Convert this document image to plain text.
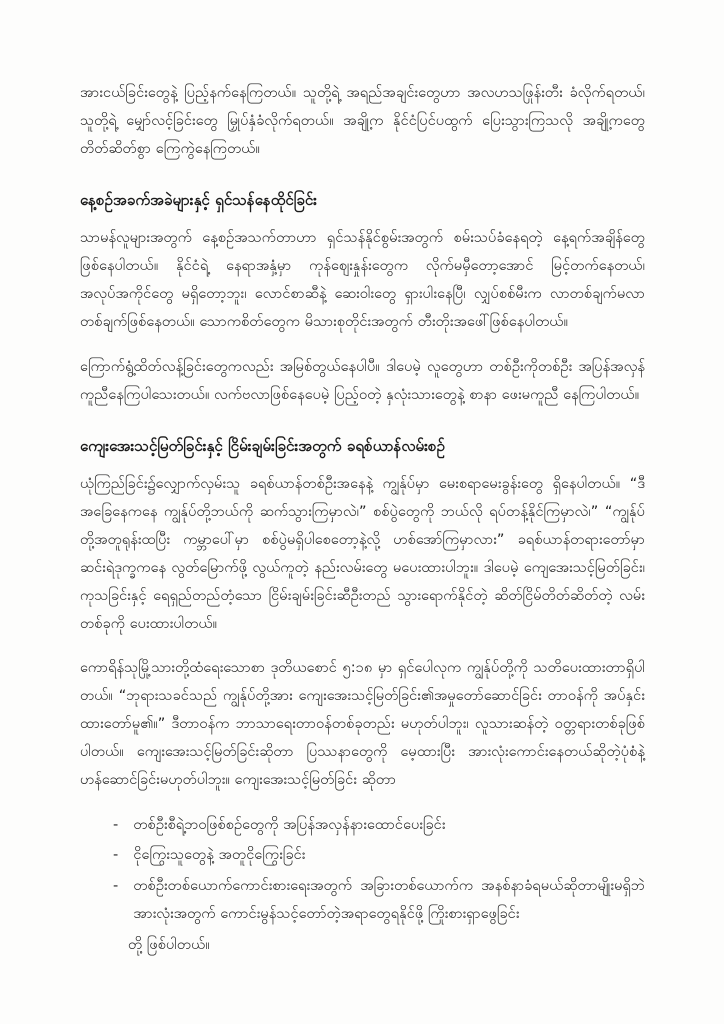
အားငယ်ခြင်းတွေနဲ့ ပြည့်နက်နေကြတယ်။ သူတို့ရဲ့ အရည်အချင်းတွေဟာ အလဟသဖြုန်းတီး ခံလိုက်ရတယ်၊ သူတို့ရဲ့ မျှော်လင့်ခြင်းတွေ မြှုပ်နှံခံလိုက်ရတယ်။ အချို့က နိုင်ငံပြင်ပထွက် ပြေးသွားကြသလို အချို့ကတွေ တိတ်ဆိတ်စွာ ကြေကွဲနေကြတယ်။

နေ့စဉ်အခက်အခဲများနှင့် ရှင်သန်နေထိုင်ခြင်း

သာမန်လူများအတွက် နေ့စဉ်အသက်တာဟာ ရှင်သန်နိုင်စွမ်းအတွက် စမ်းသပ်ခံနေရတဲ့ နေ့ရက်အချိန်တွေ ဖြစ်နေပါတယ်။ နိုင်ငံရဲ့ နေရာအနှံ့မှာ ကုန်ဈေးနှုန်းတွေက လိုက်မမှီတော့အောင် မြင့်တက်နေတယ်၊ အလုပ်အကိုင်တွေ မရှိတော့ဘူး၊ လောင်စာဆီနဲ့ ဆေးဝါးတွေ ရှားပါးနေပြီ၊ လျှပ်စစ်မီးက လာတစ်ချက်မလာတစ်ချက်ဖြစ်နေတယ်။ သောကစိတ်တွေက မိသားစုတိုင်းအတွက် တီးတိုးအဖေါ်ဖြစ်နေပါတယ်။

ကြောက်ရွံ့ထိတ်လန့်ခြင်းတွေကလည်း အမြစ်တွယ်နေပါပီ။ ဒါပေမဲ့ လူတွေဟာ တစ်ဦးကိုတစ်ဦး အပြန်အလှန် ကူညီနေကြပါသေးတယ်။ လက်ဗလာဖြစ်နေပေမဲ့ ပြည့်ဝတဲ့ နှလုံးသားတွေနဲ့ စာနာ ဖေးမကူညီ နေကြပါတယ်။

ကျေးအေးသင့်မြတ်ခြင်းနှင့် ငြိမ်းချမ်းခြင်းအတွက် ခရစ်ယာန်လမ်းစဉ်

ယုံကြည်ခြင်း၌လျှောက်လှမ်းသူ ခရစ်ယာန်တစ်ဦးအနေနဲ့ ကျွန်ုပ်မှာ မေးစရာမေးခွန်းတွေ ရှိနေပါတယ်။ “ဒီအခြေနေကနေ ကျွန်ုပ်တို့ဘယ်ကို ဆက်သွားကြမှာလဲ၊” စစ်ပွဲတွေကို ဘယ်လို ရပ်တန့်နိုင်ကြမှာလဲ၊” “ကျွန်ုပ်တို့အတူရုန်းထပြီး ကမ္ဘာပေါ်မှာ စစ်ပွဲမရှိပါစေတော့နဲ့လို့ ဟစ်အော်ကြမှာလား” ခရစ်ယာန်တရားတော်မှာ ဆင်းရဲဒုက္ခကနေ လွတ်မြောက်ဖို့ လွယ်ကူတဲ့ နည်းလမ်းတွေ မပေးထားပါဘူး။ ဒါပေမဲ့ ကျေအေးသင့်မြတ်ခြင်း၊ ကုသခြင်းနှင့် ရေရှည်တည်တံ့သော ငြိမ်းချမ်းခြင်းဆီဦးတည် သွားရောက်နိုင်တဲ့ ဆိတ်ငြိမ်တိတ်ဆိတ်တဲ့ လမ်းတစ်ခုကို ပေးထားပါတယ်။

ကောရိန်သုမြို့သားတို့ထံရေးသောစာ ဒုတိယစောင် ၅:၁၈ မှာ ရှင်ပေါလုက ကျွန်ုပ်တို့ကို သတိပေးထားတာရှိပါတယ်။ “ဘုရားသခင်သည် ကျွန်ုပ်တို့အား ကျေးအေးသင့်မြတ်ခြင်း၏အမှုတော်ဆောင်ခြင်း တာဝန်ကို အပ်နှင်းထားတော်မူ၏။” ဒီတာဝန်က ဘာသာရေးတာဝန်တစ်ခုတည်း မဟုတ်ပါဘူး၊ လူသားဆန်တဲ့ ဝတ္တရားတစ်ခုဖြစ်ပါတယ်။ ကျေးအေးသင့်မြတ်ခြင်းဆိုတာ ပြဿနာတွေကို မေ့ထားပြီး အားလုံးကောင်းနေတယ်ဆိုတဲ့ပုံစံနဲ့ ဟန်ဆောင်ခြင်းမဟုတ်ပါဘူး။ ကျေးအေးသင့်မြတ်ခြင်း ဆိုတာ

- တစ်ဦးစီရဲ့ဘဝဖြစ်စဉ်တွေကို အပြန်အလှန်နားထောင်ပေးခြင်း
- ငိုကြွေးသူတွေနဲ့ အတူငိုကြွေးခြင်း
- တစ်ဦးတစ်ယောက်ကောင်းစားရေးအတွက် အခြားတစ်ယောက်က အနစ်နာခံရမယ်ဆိုတာမျိုးမရှိဘဲ အားလုံးအတွက် ကောင်းမွန်သင့်တော်တဲ့အရာတွေရနိုင်ဖို့ ကြိုးစားရှာဖွေခြင်း

တို့ ဖြစ်ပါတယ်။
